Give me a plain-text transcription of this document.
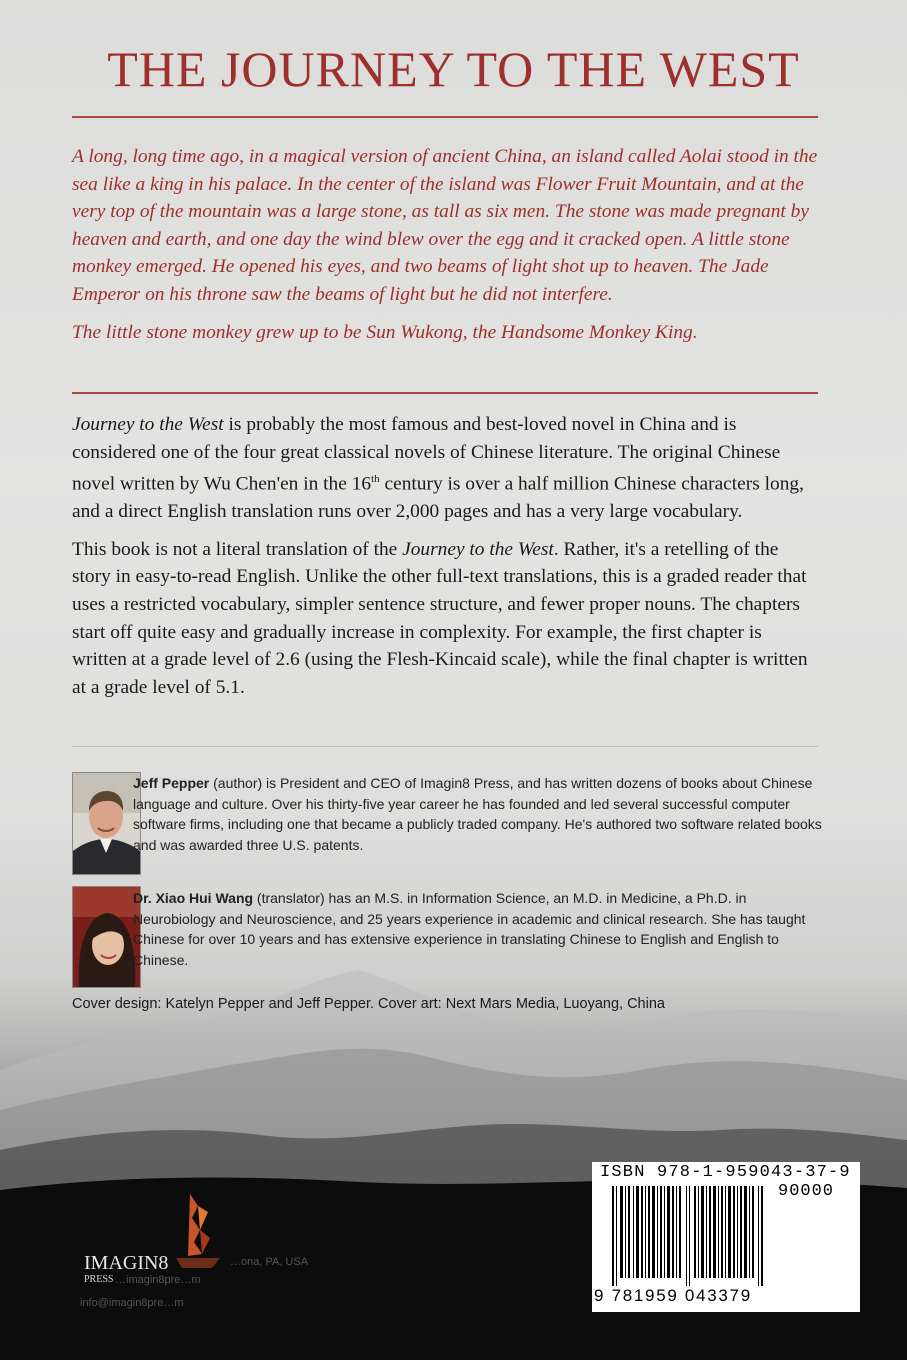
THE JOURNEY TO THE WEST

A long, long time ago, in a magical version of ancient China, an island called Aolai stood in the sea like a king in his palace. In the center of the island was Flower Fruit Mountain, and at the very top of the mountain was a large stone, as tall as six men. The stone was made pregnant by heaven and earth, and one day the wind blew over the egg and it cracked open. A little stone monkey emerged. He opened his eyes, and two beams of light shot up to heaven. The Jade Emperor on his throne saw the beams of light but he did not interfere.

The little stone monkey grew up to be Sun Wukong, the Handsome Monkey King.

Journey to the West is probably the most famous and best-loved novel in China and is considered one of the four great classical novels of Chinese literature. The original Chinese novel written by Wu Chen'en in the 16th century is over a half million Chinese characters long, and a direct English translation runs over 2,000 pages and has a very large vocabulary.

This book is not a literal translation of the Journey to the West. Rather, it's a retelling of the story in easy-to-read English. Unlike the other full-text translations, this is a graded reader that uses a restricted vocabulary, simpler sentence structure, and fewer proper nouns. The chapters start off quite easy and gradually increase in complexity. For example, the first chapter is written at a grade level of 2.6 (using the Flesh-Kincaid scale), while the final chapter is written at a grade level of 5.1.

Jeff Pepper (author) is President and CEO of Imagin8 Press, and has written dozens of books about Chinese language and culture. Over his thirty-five year career he has founded and led several successful computer software firms, including one that became a publicly traded company. He's authored two software related books and was awarded three U.S. patents.
Dr. Xiao Hui Wang (translator) has an M.S. in Information Science, an M.D. in Medicine, a Ph.D. in Neurobiology and Neuroscience, and 25 years experience in academic and clinical research. She has taught Chinese for over 10 years and has extensive experience in translating Chinese to English and English to Chinese.
Cover design: Katelyn Pepper and Jeff Pepper. Cover art: Next Mars Media, Luoyang, China
IMAGIN8
PRESS
…ona, PA, USA
…imagin8pre…m
info@imagin8pre…m
ISBN 978-1-959043-37-9
90000
9 781959 043379
